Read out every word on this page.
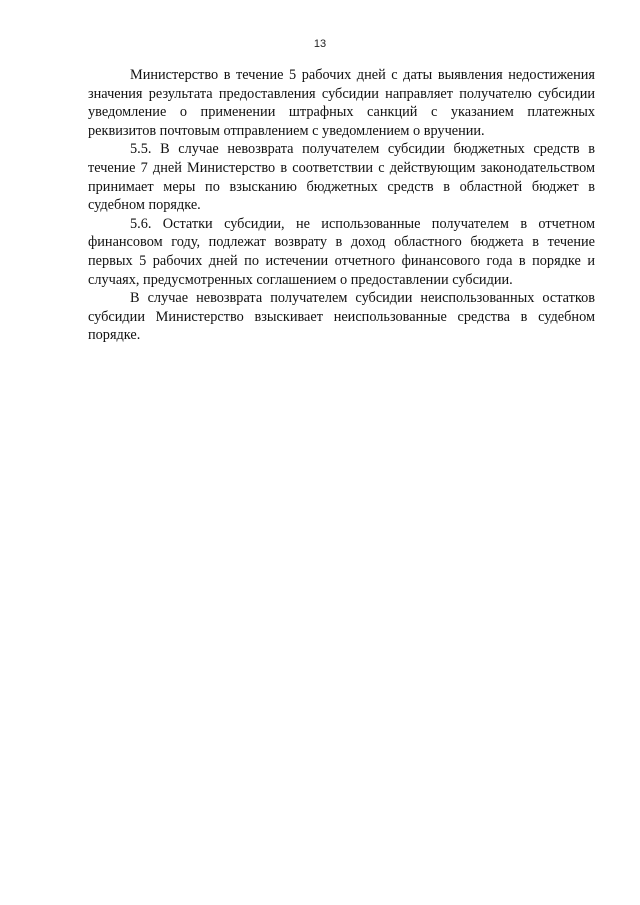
13

Министерство в течение 5 рабочих дней с даты выявления недостижения значения результата предоставления субсидии направляет получателю субсидии уведомление о применении штрафных санкций с указанием платежных реквизитов почтовым отправлением с уведомлением о вручении.

5.5. В случае невозврата получателем субсидии бюджетных средств в течение 7 дней Министерство в соответствии с действующим законодательством принимает меры по взысканию бюджетных средств в областной бюджет в судебном порядке.

5.6. Остатки субсидии, не использованные получателем в отчетном финансовом году, подлежат возврату в доход областного бюджета в течение первых 5 рабочих дней по истечении отчетного финансового года в порядке и случаях, предусмотренных соглашением о предоставлении субсидии.

В случае невозврата получателем субсидии неиспользованных остатков субсидии Министерство взыскивает неиспользованные средства в судебном порядке.
